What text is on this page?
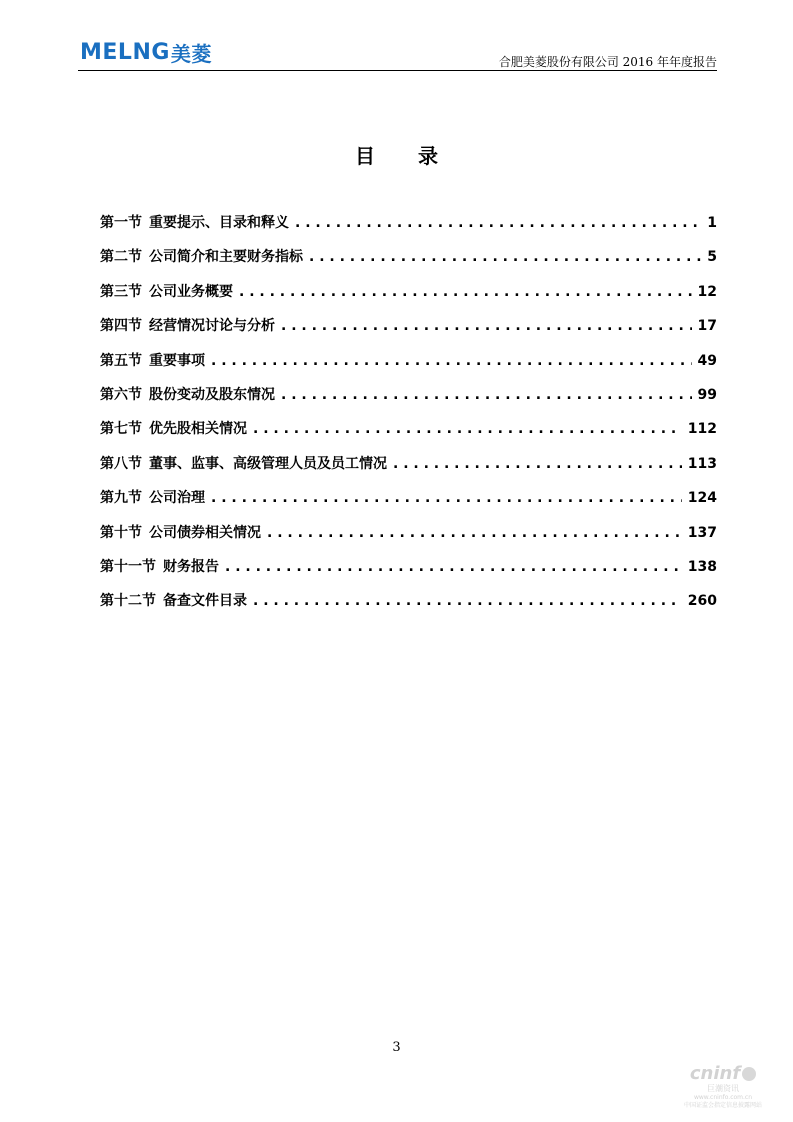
MELNG 美菱	合肥美菱股份有限公司 2016 年年度报告
目 录
第一节 重要提示、目录和释义 . . .	1
第二节 公司简介和主要财务指标 . . .	5
第三节 公司业务概要 . . .	12
第四节 经营情况讨论与分析 . . .	17
第五节 重要事项 . . .	49
第六节 股份变动及股东情况 . . .	99
第七节 优先股相关情况 . . .	112
第八节 董事、监事、高级管理人员及员工情况 . . .	113
第九节 公司治理 . . .	124
第十节 公司债券相关情况 . . .	137
第十一节 财务报告 . . .	138
第十二节 备查文件目录 . . .	260
3
cninf
巨潮资讯
www.cninfo.com.cn
中国证监会指定信息披露网站
